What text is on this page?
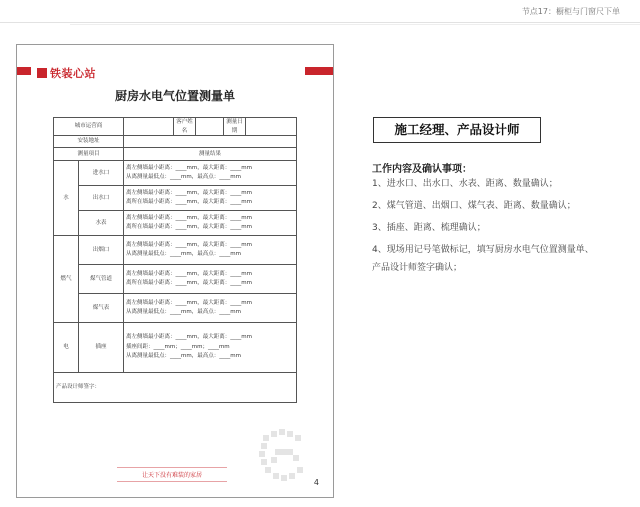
节点17：橱柜与门窗尺下单
铁装心站
厨房水电气位置测量单
城市运营商			客户姓名		测量日期	
安装地址						
测量项目		测量结果				
水	进水口	离左侧墙最小距离：____mm，最大距离：____mm
从离测量最低点：____mm，最高点：____mm				

	出水口	离左侧墙最小距离：____mm，最大距离：____mm
离所在墙最小距离：____mm，最大距离：____mm				

	水表	离左侧墙最小距离：____mm，最大距离：____mm
离所在墙最小距离：____mm，最大距离：____mm				

燃气	出烟口	离左侧墙最小距离：____mm，最大距离：____mm
从离测量最低点：____mm，最高点：____mm				

	煤气管道	离左侧墙最小距离：____mm，最大距离：____mm
离所在墙最小距离：____mm，最大距离：____mm				

	煤气表	离左侧墙最小距离：____mm，最大距离：____mm
从离测量最低点：____mm，最高点：____mm				

电	插座	离左侧墙最小距离：____mm，最大距离：____mm
插座间距：____mm；____mm；____mm
从离测量最低点：____mm，最高点：____mm				

产品设计师签字：						
让天下没有难装的家居
4
施工经理、产品设计师
工作内容及确认事项：
1、进水口、出水口、水表、距离、数量确认；
2、煤气管道、出烟口、煤气表、距离、数量确认；
3、插座、距离、梳理确认；
4、现场用记号笔做标记，填写厨房水电气位置测量单、
产品设计师签字确认；
